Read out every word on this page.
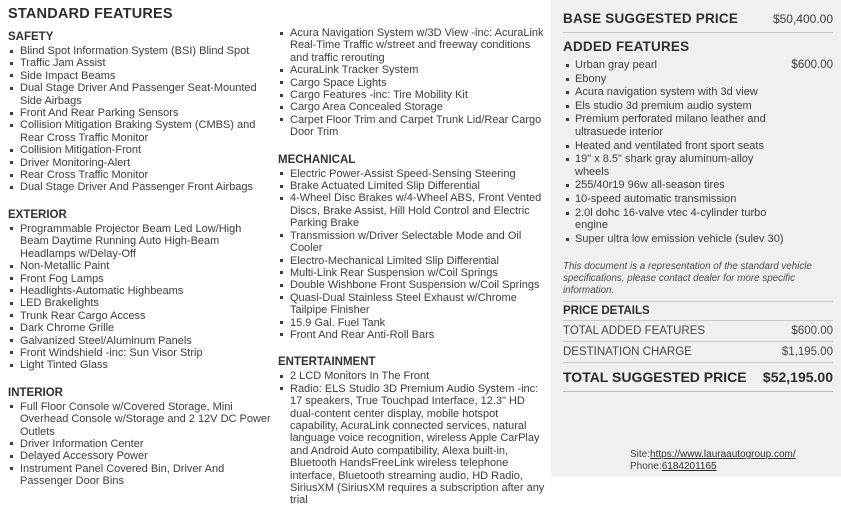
STANDARD FEATURES
SAFETY
Blind Spot Information System (BSI) Blind Spot
Traffic Jam Assist
Side Impact Beams
Dual Stage Driver And Passenger Seat-Mounted Side Airbags
Front And Rear Parking Sensors
Collision Mitigation Braking System (CMBS) and Rear Cross Traffic Monitor
Collision Mitigation-Front
Driver Monitoring-Alert
Rear Cross Traffic Monitor
Dual Stage Driver And Passenger Front Airbags
EXTERIOR
Programmable Projector Beam Led Low/High Beam Daytime Running Auto High-Beam Headlamps w/Delay-Off
Non-Metallic Paint
Front Fog Lamps
Headlights-Automatic Highbeams
LED Brakelights
Trunk Rear Cargo Access
Dark Chrome Grille
Galvanized Steel/Aluminum Panels
Front Windshield -inc: Sun Visor Strip
Light Tinted Glass
INTERIOR
Full Floor Console w/Covered Storage, Mini Overhead Console w/Storage and 2 12V DC Power Outlets
Driver Information Center
Delayed Accessory Power
Instrument Panel Covered Bin, Driver And Passenger Door Bins
Acura Navigation System w/3D View -inc: AcuraLink Real-Time Traffic w/street and freeway conditions and traffic rerouting
AcuraLink Tracker System
Cargo Space Lights
Cargo Features -inc: Tire Mobility Kit
Cargo Area Concealed Storage
Carpet Floor Trim and Carpet Trunk Lid/Rear Cargo Door Trim
MECHANICAL
Electric Power-Assist Speed-Sensing Steering
Brake Actuated Limited Slip Differential
4-Wheel Disc Brakes w/4-Wheel ABS, Front Vented Discs, Brake Assist, Hill Hold Control and Electric Parking Brake
Transmission w/Driver Selectable Mode and Oil Cooler
Electro-Mechanical Limited Slip Differential
Multi-Link Rear Suspension w/Coil Springs
Double Wishbone Front Suspension w/Coil Springs
Quasi-Dual Stainless Steel Exhaust w/Chrome Tailpipe Finisher
15.9 Gal. Fuel Tank
Front And Rear Anti-Roll Bars
ENTERTAINMENT
2 LCD Monitors In The Front
Radio: ELS Studio 3D Premium Audio System -inc: 17 speakers, True Touchpad Interface, 12.3" HD dual-content center display, mobile hotspot capability, AcuraLink connected services, natural language voice recognition, wireless Apple CarPlay and Android Auto compatibility, Alexa built-in, Bluetooth HandsFreeLink wireless telephone interface, Bluetooth streaming audio, HD Radio, SiriusXM (SiriusXM requires a subscription after any trial
BASE SUGGESTED PRICE	$50,400.00
ADDED FEATURES
Urban gray pearl	$600.00
Ebony
Acura navigation system with 3d view
Els studio 3d premium audio system
Premium perforated milano leather and ultrasuede interior
Heated and ventilated front sport seats
19" x 8.5" shark gray aluminum-alloy wheels
255/40r19 96w all-season tires
10-speed automatic transmission
2.0l dohc 16-valve vtec 4-cylinder turbo engine
Super ultra low emission vehicle (sulev 30)
This document is a representation of the standard vehicle specifications, please contact dealer for more specific information.
PRICE DETAILS
TOTAL ADDED FEATURES	$600.00
DESTINATION CHARGE	$1,195.00
TOTAL SUGGESTED PRICE $52,195.00
Site:https://www.lauraautogroup.com/
Phone:6184201165
